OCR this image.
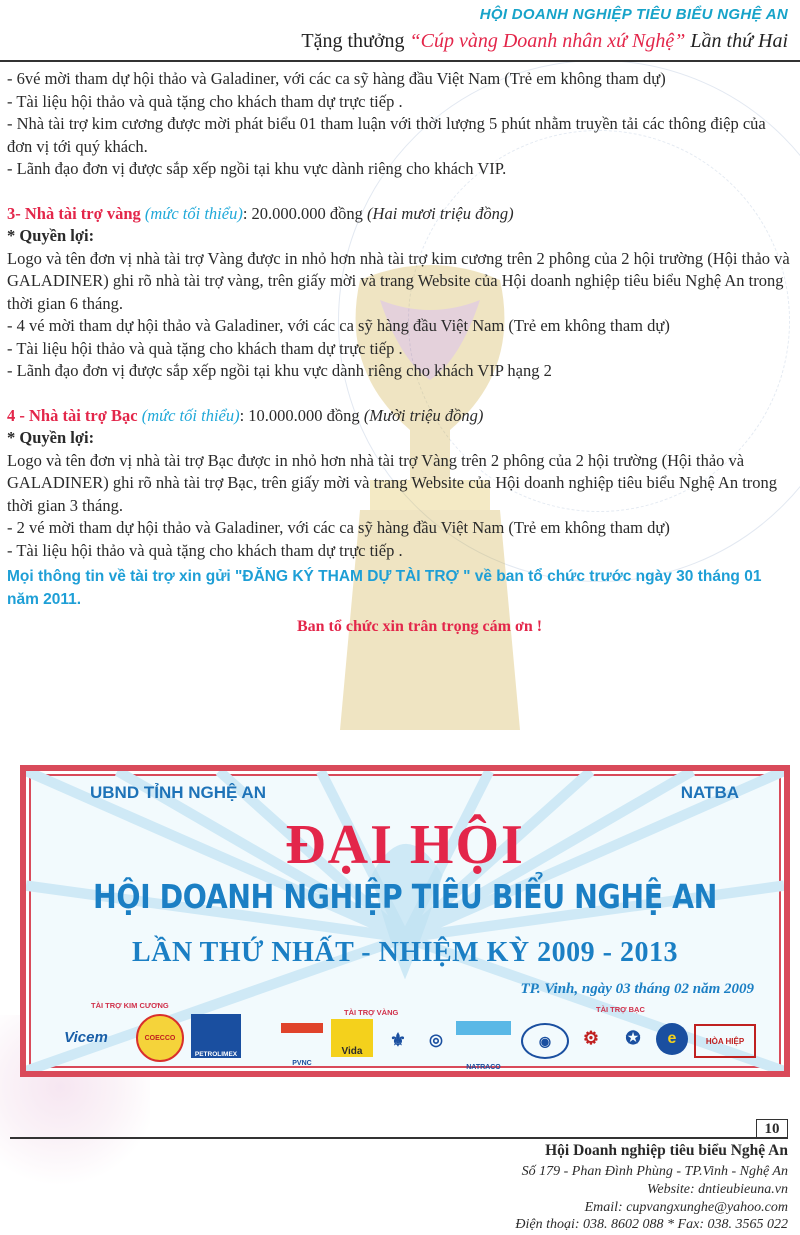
HỘI DOANH NGHIỆP TIÊU BIỂU NGHỆ AN
Tặng thưởng “Cúp vàng Doanh nhân xứ Nghệ” Lần thứ Hai

- 6vé mời tham dự hội thảo và Galadiner, với các ca sỹ hàng đầu Việt Nam (Trẻ em không tham dự)

- Tài liệu hội thảo và quà tặng cho khách tham dự trực tiếp .

- Nhà tài trợ kim cương được mời phát biểu 01 tham luận với thời lượng 5 phút nhằm truyền tải các thông điệp của đơn vị tới quý khách.

- Lãnh đạo đơn vị được sắp xếp ngồi tại khu vực dành riêng cho khách VIP.

3- Nhà tài trợ vàng (mức tối thiểu): 20.000.000 đồng (Hai mươi triệu đồng)

* Quyền lợi:

Logo và tên đơn vị nhà tài trợ Vàng được in nhỏ hơn nhà tài trợ kim cương trên 2 phông của 2 hội trường (Hội thảo và GALADINER) ghi rõ nhà tài trợ vàng, trên giấy mời và trang Website của Hội doanh nghiệp tiêu biểu Nghệ An trong thời gian 6 tháng.

- 4 vé mời tham dự hội thảo và Galadiner, với các ca sỹ hàng đầu Việt Nam (Trẻ em không tham dự)

- Tài liệu hội thảo và quà tặng cho khách tham dự trực tiếp .

- Lãnh đạo đơn vị được sắp xếp ngồi tại khu vực dành riêng cho khách VIP hạng 2

4 - Nhà tài trợ Bạc (mức tối thiểu): 10.000.000 đồng (Mười triệu đồng)

* Quyền lợi:

Logo và tên đơn vị nhà tài trợ Bạc được in nhỏ hơn nhà tài trợ Vàng trên 2 phông của 2 hội trường (Hội thảo và GALADINER) ghi rõ nhà tài trợ Bạc, trên giấy mời và trang Website của Hội doanh nghiệp tiêu biểu Nghệ An trong thời gian 3 tháng.

- 2 vé mời tham dự hội thảo và Galadiner, với các ca sỹ hàng đầu Việt Nam (Trẻ em không tham dự)

- Tài liệu hội thảo và quà tặng cho khách tham dự trực tiếp .

Mọi thông tin về tài trợ xin gửi "ĐĂNG KÝ THAM DỰ TÀI TRỢ " về ban tổ chức trước ngày 30 tháng 01 năm 2011.

Ban tổ chức xin trân trọng cám ơn !

UBND TỈNH NGHỆ AN	NATBA
ĐẠI HỘI
HỘI DOANH NGHIỆP TIÊU BIỂU NGHỆ AN
LẦN THỨ NHẤT - NHIỆM KỲ 2009 - 2013
TP. Vinh, ngày 03 tháng 02 năm 2009
TÀI TRỢ KIM CƯƠNG
TÀI TRỢ VÀNG	TÀI TRỢ BẠC
Vicem	COECCO
PETROLIMEX
PVNC
Vida
⚜	◎
NATRACO
◉	⚙	✪	e	HÒA HIỆP
10
Hội Doanh nghiệp tiêu biểu Nghệ An
Số 179 - Phan Đình Phùng - TP.Vinh - Nghệ An
Website: dntieubieuna.vn
Email: cupvangxunghe@yahoo.com
Điện thoại: 038. 8602 088 * Fax: 038. 3565 022
